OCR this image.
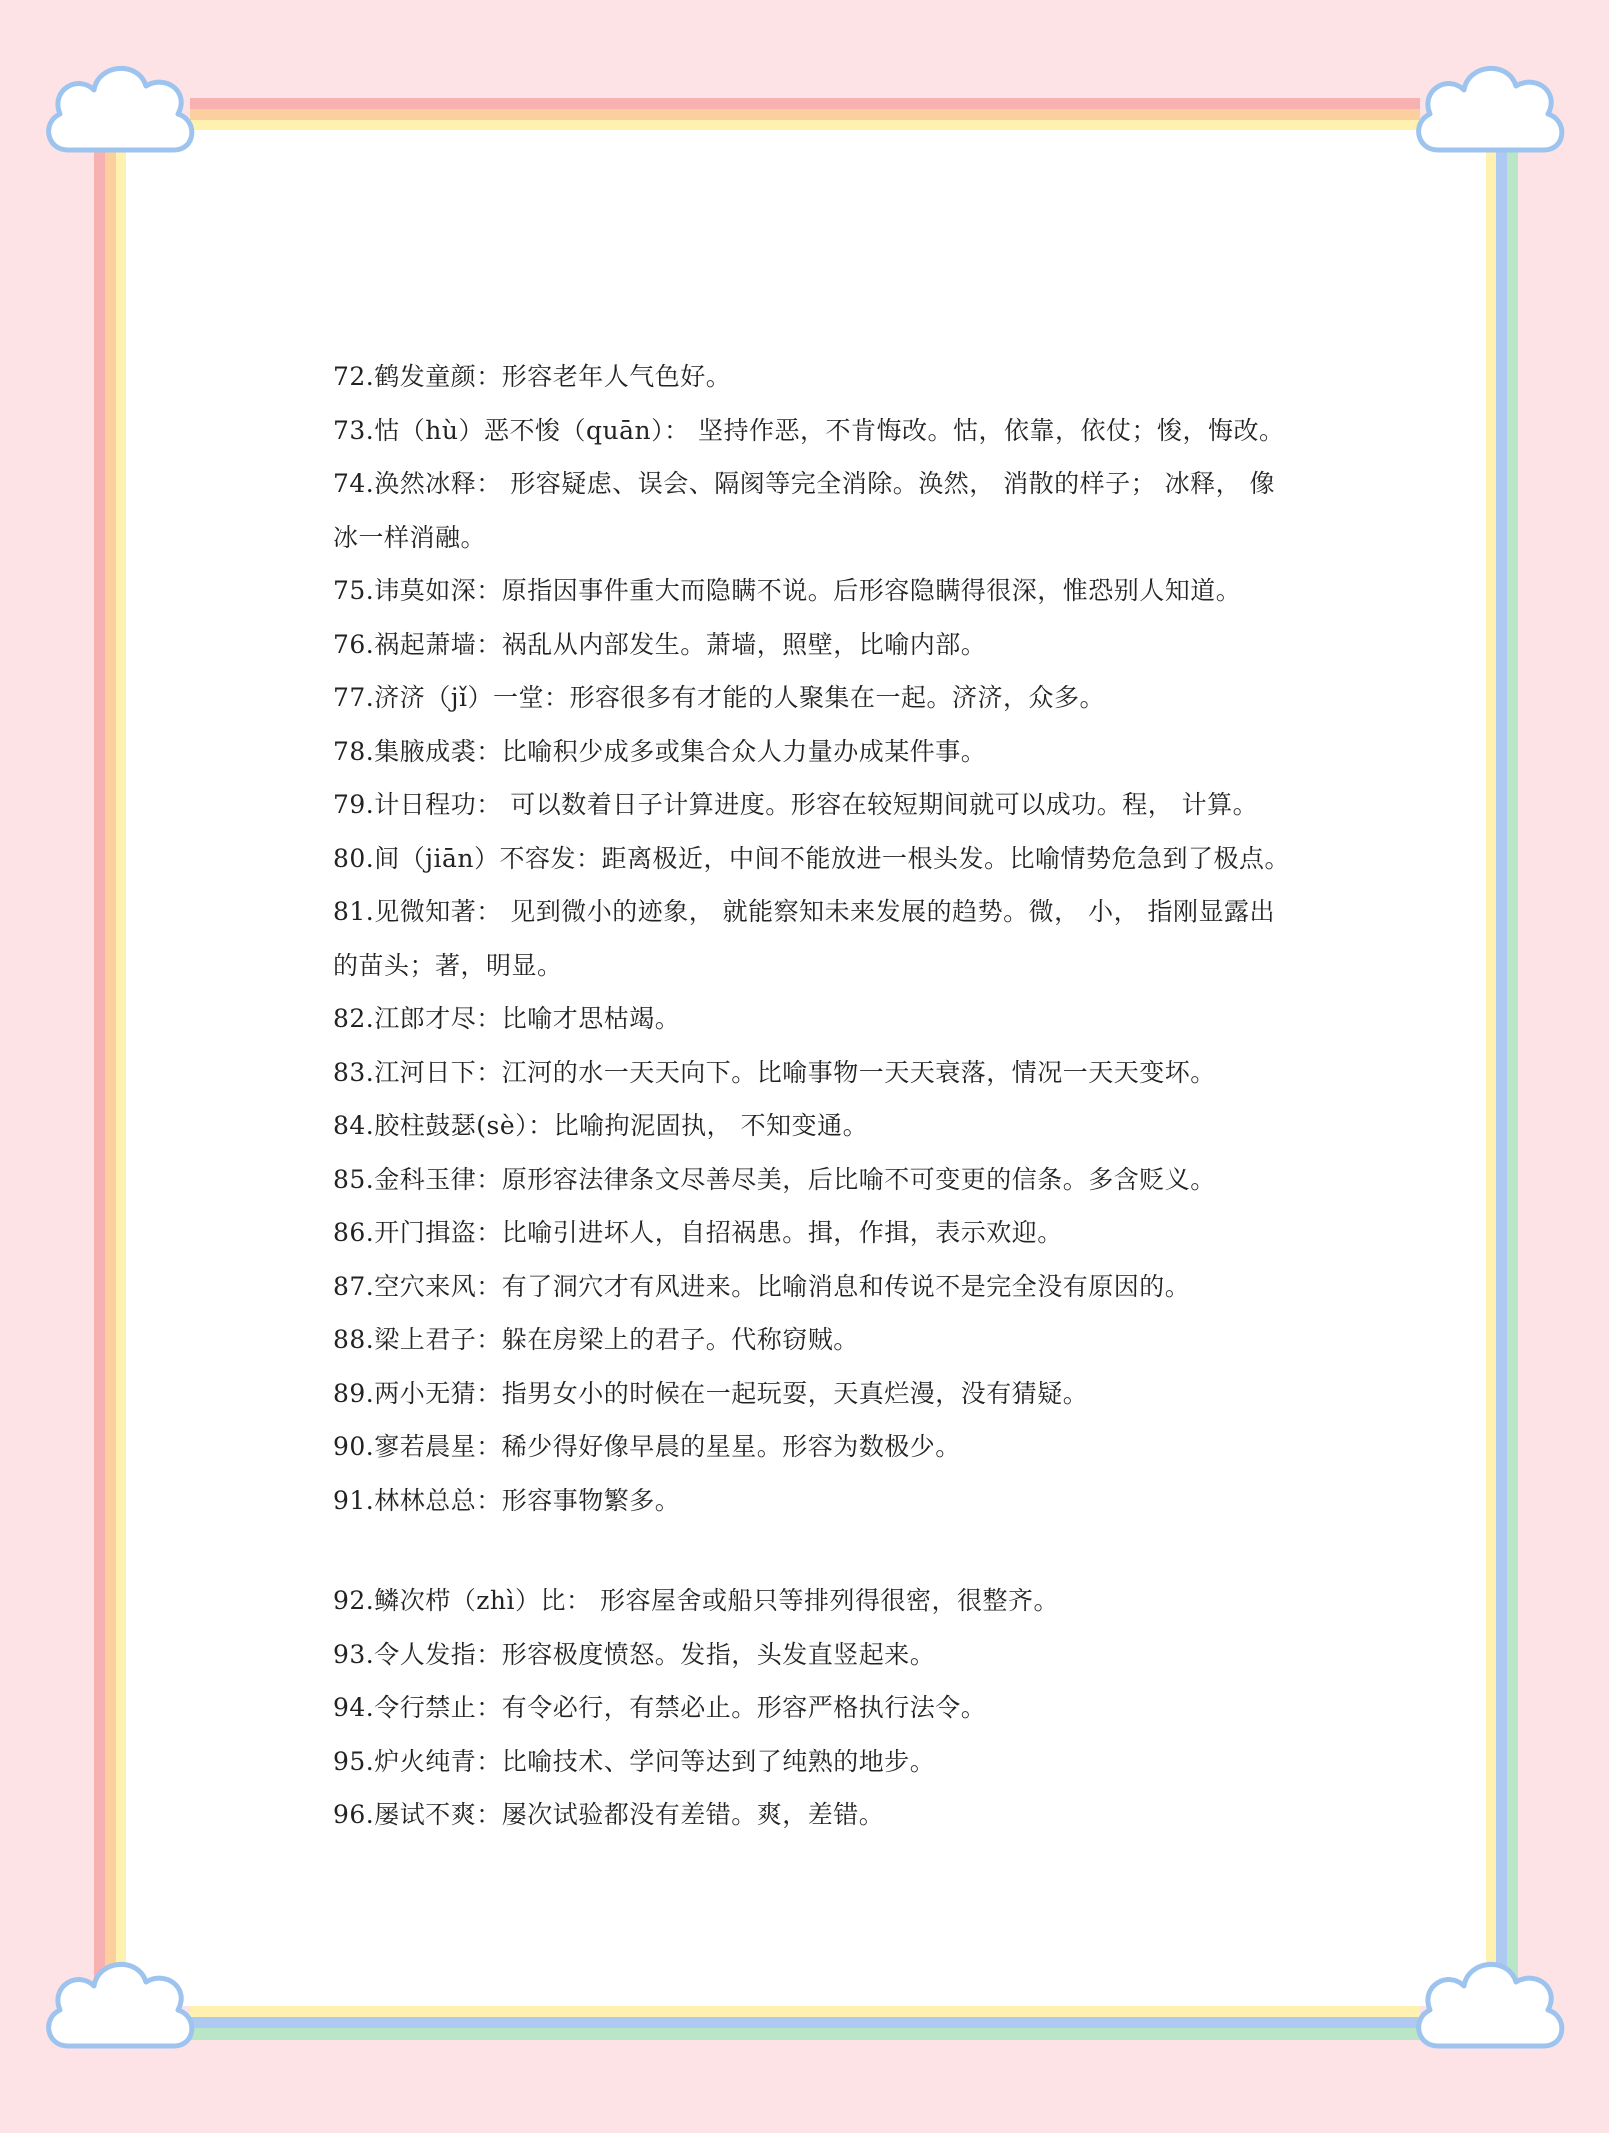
72.鹤发童颜：形容老年人气色好。

73.怙（hù）恶不悛（quān）： 坚持作恶，不肯悔改。怙，依靠，依仗；悛，悔改。

74.涣然冰释： 形容疑虑、误会、隔阂等完全消除。涣然， 消散的样子； 冰释， 像冰一样消融。

75.讳莫如深：原指因事件重大而隐瞒不说。后形容隐瞒得很深，惟恐别人知道。

76.祸起萧墙：祸乱从内部发生。萧墙，照壁，比喻内部。

77.济济（jǐ）一堂：形容很多有才能的人聚集在一起。济济，众多。

78.集腋成裘：比喻积少成多或集合众人力量办成某件事。

79.计日程功： 可以数着日子计算进度。形容在较短期间就可以成功。程， 计算。

80.间（jiān）不容发：距离极近，中间不能放进一根头发。比喻情势危急到了极点。

81.见微知著： 见到微小的迹象， 就能察知未来发展的趋势。微， 小， 指刚显露出的苗头；著，明显。

82.江郎才尽：比喻才思枯竭。

83.江河日下：江河的水一天天向下。比喻事物一天天衰落，情况一天天变坏。

84.胶柱鼓瑟(sè）：比喻拘泥固执， 不知变通。

85.金科玉律：原形容法律条文尽善尽美，后比喻不可变更的信条。多含贬义。

86.开门揖盗：比喻引进坏人，自招祸患。揖，作揖，表示欢迎。

87.空穴来风：有了洞穴才有风进来。比喻消息和传说不是完全没有原因的。

88.梁上君子：躲在房梁上的君子。代称窃贼。

89.两小无猜：指男女小的时候在一起玩耍，天真烂漫，没有猜疑。

90.寥若晨星：稀少得好像早晨的星星。形容为数极少。

91.林林总总：形容事物繁多。

92.鳞次栉（zhì）比： 形容屋舍或船只等排列得很密，很整齐。

93.令人发指：形容极度愤怒。发指，头发直竖起来。

94.令行禁止：有令必行，有禁必止。形容严格执行法令。

95.炉火纯青：比喻技术、学问等达到了纯熟的地步。

96.屡试不爽：屡次试验都没有差错。爽，差错。
